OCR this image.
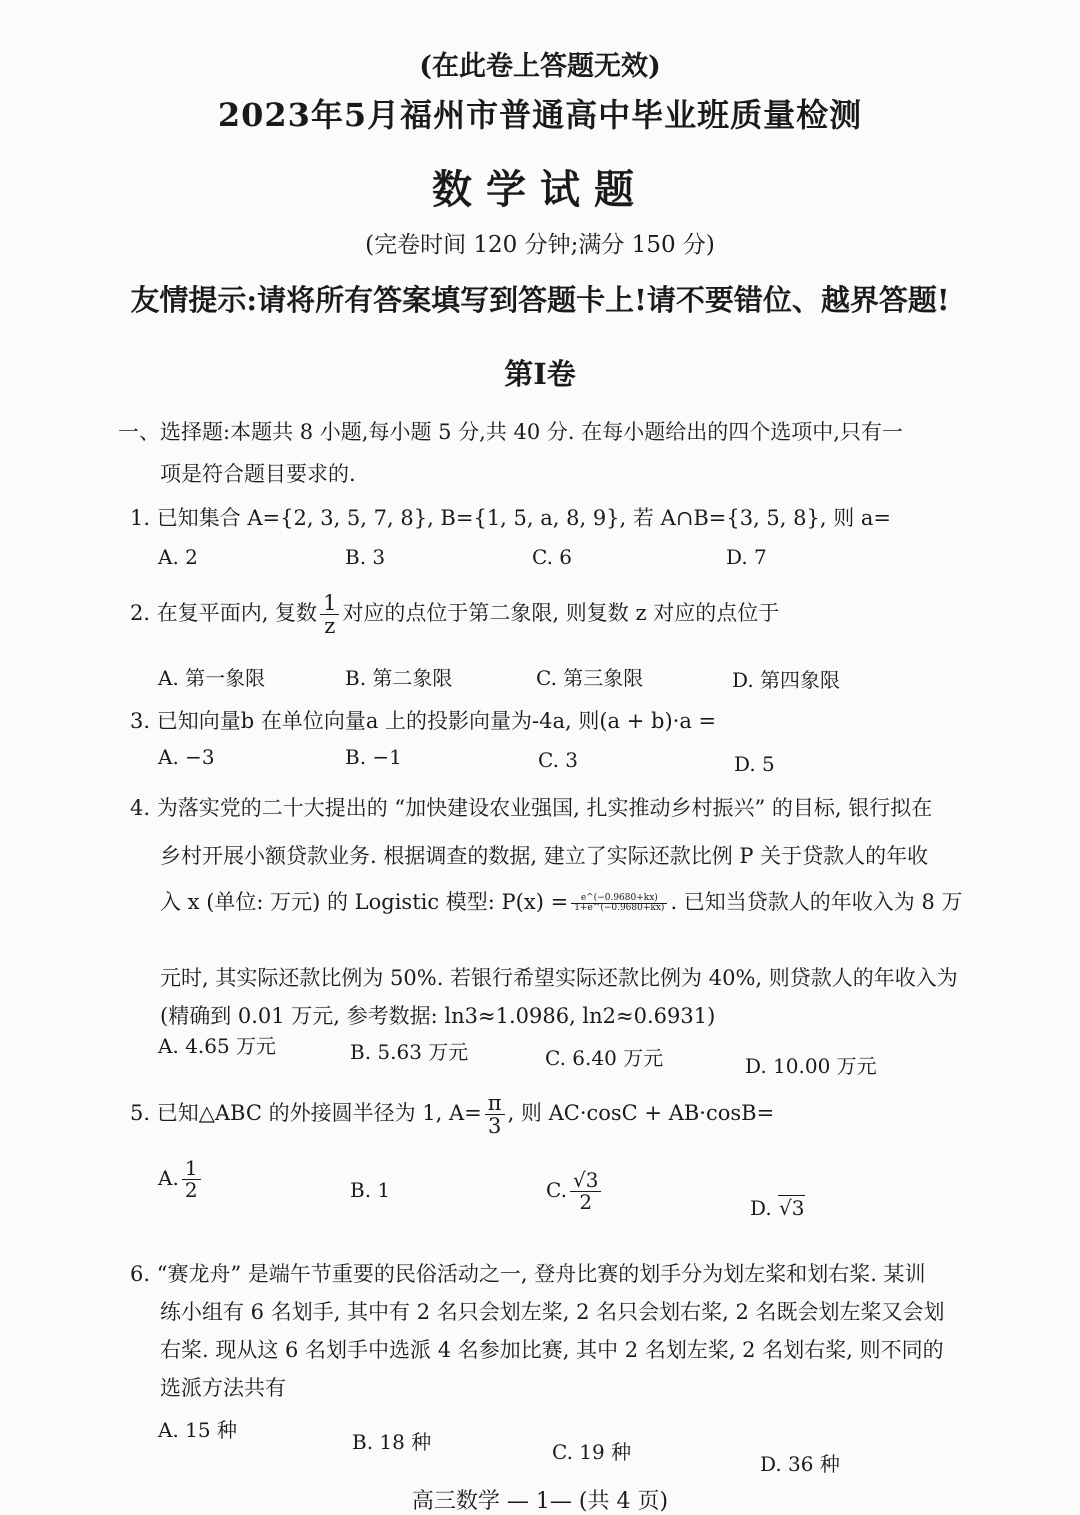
(在此卷上答题无效)
2023年5月福州市普通高中毕业班质量检测
数学试题
(完卷时间 120 分钟;满分 150 分)
友情提示:请将所有答案填写到答题卡上!请不要错位、越界答题!
第Ⅰ卷
一、选择题:本题共 8 小题,每小题 5 分,共 40 分. 在每小题给出的四个选项中,只有一
项是符合题目要求的.
1. 已知集合 A={2, 3, 5, 7, 8}, B={1, 5, a, 8, 9}, 若 A∩B={3, 5, 8}, 则 a=
A. 2	B. 3	C. 6	D. 7
2. 在复平面内, 复数 $\frac{1}{z}$ 对应的点位于第二象限, 则复数 z 对应的点位于
A. 第一象限	B. 第二象限	C. 第三象限	D. 第四象限
3. 已知向量b 在单位向量a 上的投影向量为-4a, 则(a + b)·a =
A. −3	B. −1	C. 3	D. 5
4. 为落实党的二十大提出的 “加快建设农业强国, 扎实推动乡村振兴” 的目标, 银行拟在
乡村开展小额贷款业务. 根据调查的数据, 建立了实际还款比例 P 关于贷款人的年收
入 x (单位: 万元) 的 Logistic 模型: $P(x) = \frac{e\^{}(-0.9680+kx)}{1+e\^{}(-0.9680+kx)}$ . 已知当贷款人的年收入为 8 万
元时, 其实际还款比例为 50%. 若银行希望实际还款比例为 40%, 则贷款人的年收入为
(精确到 0.01 万元, 参考数据: ln3≈1.0986, ln2≈0.6931)
A. 4.65 万元	B. 5.63 万元	C. 6.40 万元	D. 10.00 万元
5. 已知△ABC 的外接圆半径为 1, $A= \frac{\pi}{3}$ , 则 AC·cosC + AB·cosB=
A. $\frac{1}{2}$	B. 1	C. $\frac{√3}{2}$	D. √3
6. “赛龙舟” 是端午节重要的民俗活动之一, 登舟比赛的划手分为划左桨和划右桨. 某训
练小组有 6 名划手, 其中有 2 名只会划左桨, 2 名只会划右桨, 2 名既会划左桨又会划
右桨. 现从这 6 名划手中选派 4 名参加比赛, 其中 2 名划左桨, 2 名划右桨, 则不同的
选派方法共有
A. 15 种	B. 18 种	C. 19 种	D. 36 种
高三数学 — 1— (共 4 页)
